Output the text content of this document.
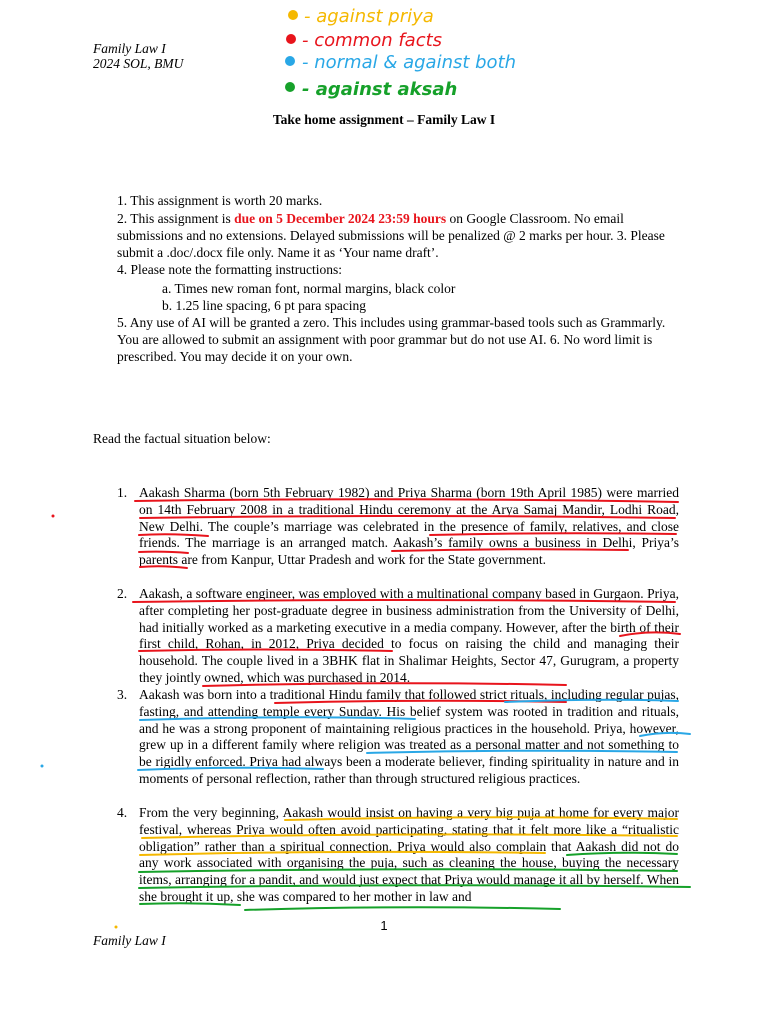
Family Law I
2024 SOL, BMU
- against priya
- common facts
- normal & against both
- against aksah
Take home assignment – Family Law I
1. This assignment is worth 20 marks.
2. This assignment is due on 5 December 2024 23:59 hours on Google Classroom. No email submissions and no extensions. Delayed submissions will be penalized @ 2 marks per hour. 3. Please submit a .doc/.docx file only. Name it as ‘Your name draft’.
4. Please note the formatting instructions:
a. Times new roman font, normal margins, black color
b. 1.25 line spacing, 6 pt para spacing
5. Any use of AI will be granted a zero. This includes using grammar-based tools such as Grammarly. You are allowed to submit an assignment with poor grammar but do not use AI. 6. No word limit is prescribed. You may decide it on your own.
Read the factual situation below:
1. Aakash Sharma (born 5th February 1982) and Priya Sharma (born 19th April 1985) were married on 14th February 2008 in a traditional Hindu ceremony at the Arya Samaj Mandir, Lodhi Road, New Delhi. The couple’s marriage was celebrated in the presence of family, relatives, and close friends. The marriage is an arranged match. Aakash’s family owns a business in Delhi, Priya’s parents are from Kanpur, Uttar Pradesh and work for the State government.
2. Aakash, a software engineer, was employed with a multinational company based in Gurgaon. Priya, after completing her post-graduate degree in business administration from the University of Delhi, had initially worked as a marketing executive in a media company. However, after the birth of their first child, Rohan, in 2012, Priya decided to focus on raising the child and managing their household. The couple lived in a 3BHK flat in Shalimar Heights, Sector 47, Gurugram, a property they jointly owned, which was purchased in 2014.
3. Aakash was born into a traditional Hindu family that followed strict rituals, including regular pujas, fasting, and attending temple every Sunday. His belief system was rooted in tradition and rituals, and he was a strong proponent of maintaining religious practices in the household. Priya, however, grew up in a different family where religion was treated as a personal matter and not something to be rigidly enforced. Priya had always been a moderate believer, finding spirituality in nature and in moments of personal reflection, rather than through structured religious practices.
4. From the very beginning, Aakash would insist on having a very big puja at home for every major festival, whereas Priya would often avoid participating, stating that it felt more like a “ritualistic obligation” rather than a spiritual connection. Priya would also complain that Aakash did not do any work associated with organising the puja, such as cleaning the house, buying the necessary items, arranging for a pandit, and would just expect that Priya would manage it all by herself. When she brought it up, she was compared to her mother in law and
1
Family Law I
